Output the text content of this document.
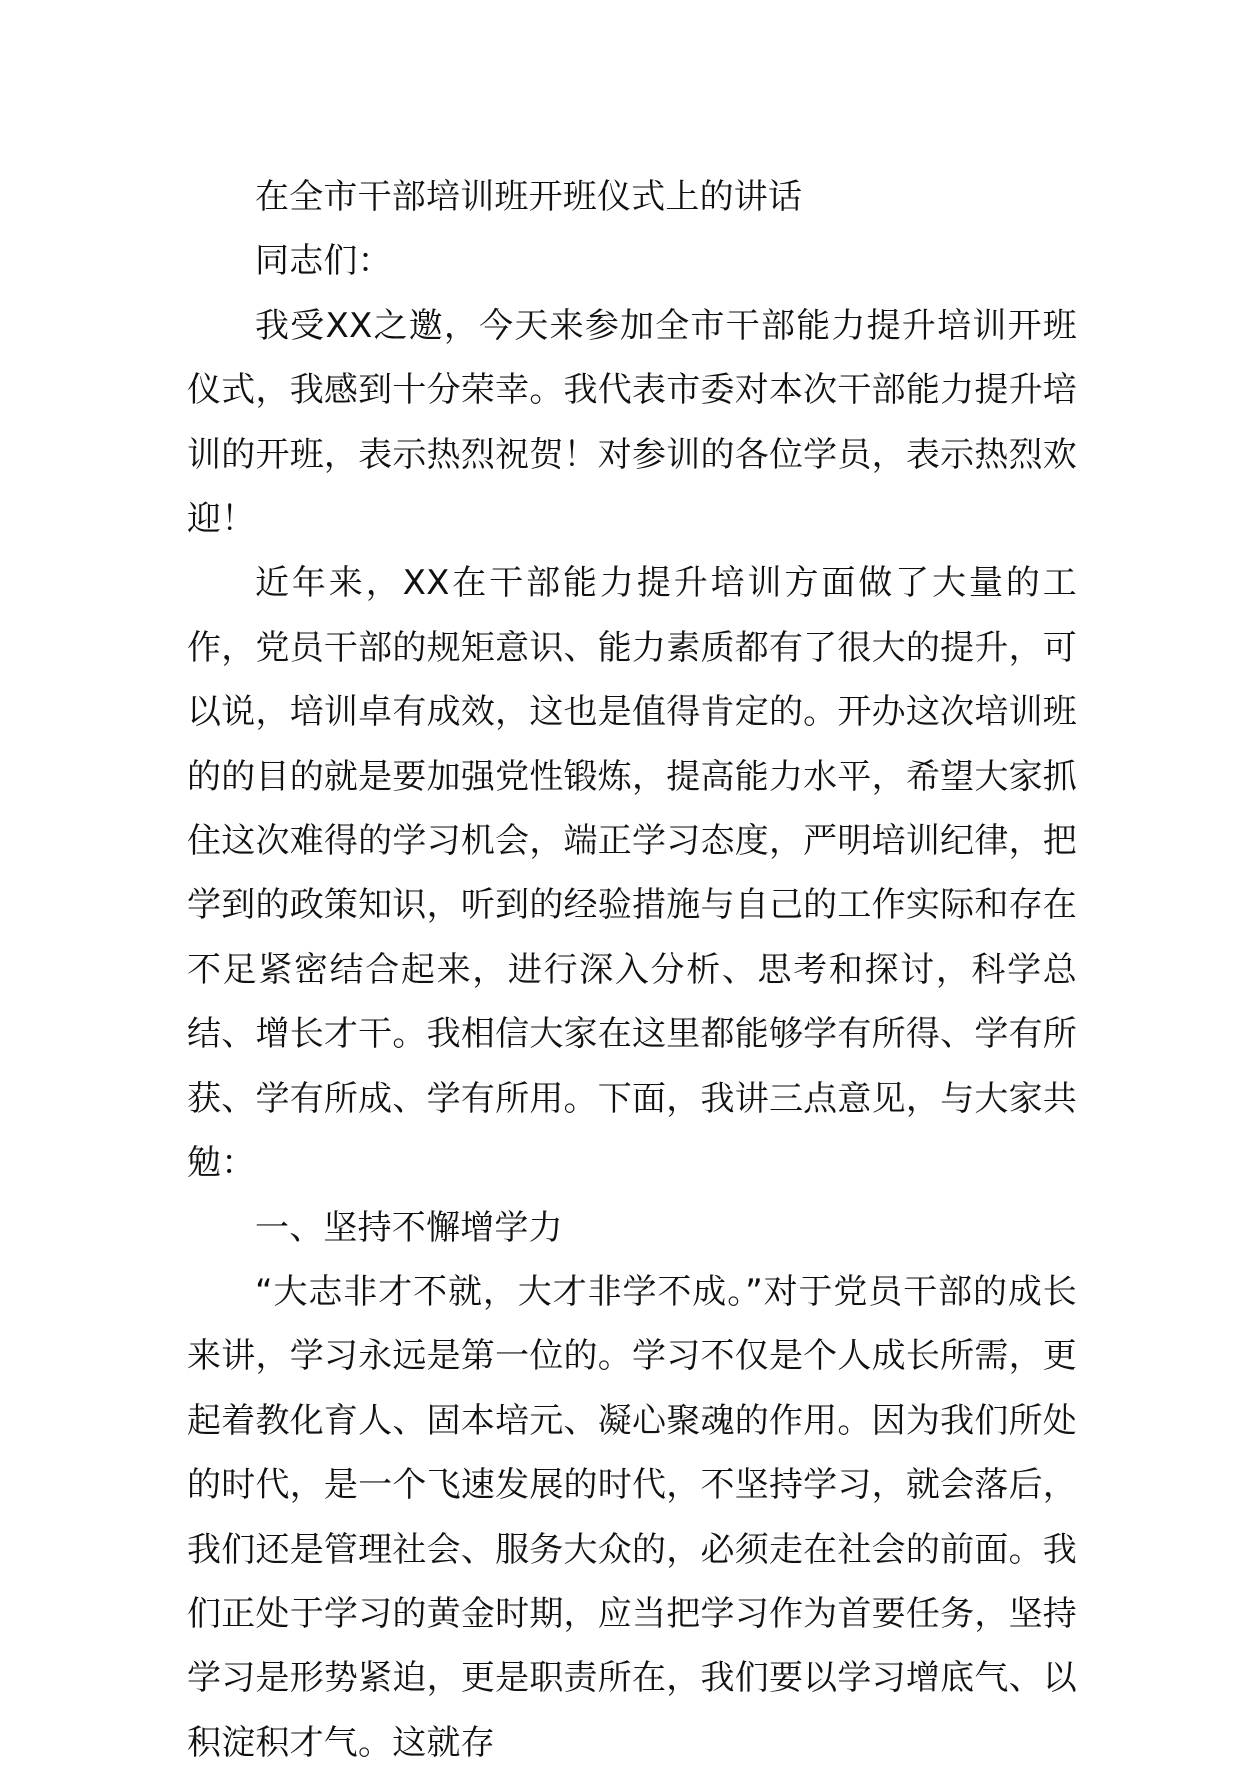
在全市干部培训班开班仪式上的讲话

同志们：

我受XX之邀，今天来参加全市干部能力提升培训开班仪式，我感到十分荣幸。我代表市委对本次干部能力提升培训的开班，表示热烈祝贺！对参训的各位学员，表示热烈欢迎！

近年来，XX在干部能力提升培训方面做了大量的工作，党员干部的规矩意识、能力素质都有了很大的提升，可以说，培训卓有成效，这也是值得肯定的。开办这次培训班的的目的就是要加强党性锻炼，提高能力水平，希望大家抓住这次难得的学习机会，端正学习态度，严明培训纪律，把学到的政策知识，听到的经验措施与自己的工作实际和存在不足紧密结合起来，进行深入分析、思考和探讨，科学总结、增长才干。我相信大家在这里都能够学有所得、学有所获、学有所成、学有所用。下面，我讲三点意见，与大家共勉：

一、坚持不懈增学力

“大志非才不就，大才非学不成。”对于党员干部的成长来讲，学习永远是第一位的。学习不仅是个人成长所需，更起着教化育人、固本培元、凝心聚魂的作用。因为我们所处的时代，是一个飞速发展的时代，不坚持学习，就会落后，我们还是管理社会、服务大众的，必须走在社会的前面。我们正处于学习的黄金时期，应当把学习作为首要任务，坚持学习是形势紧迫，更是职责所在，我们要以学习增底气、以积淀积才气。这就存
